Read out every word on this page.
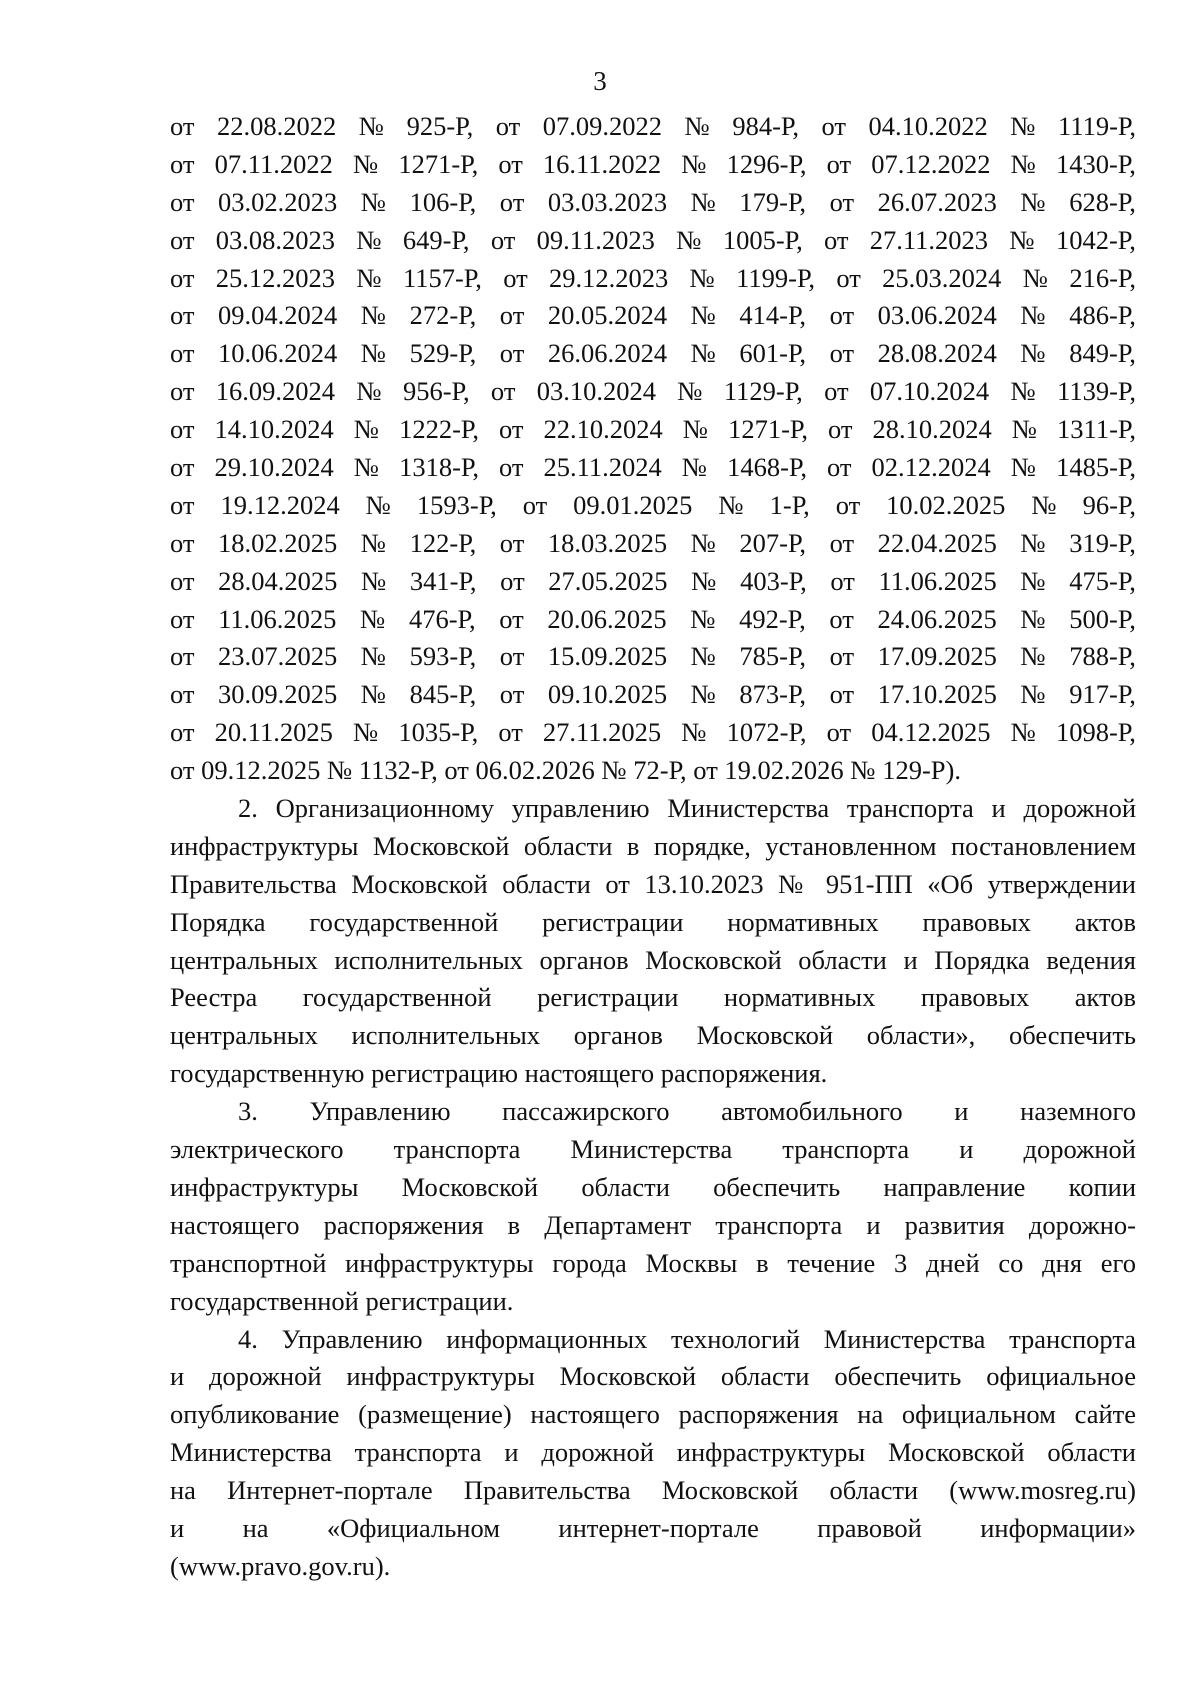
3
от 22.08.2022 № 925-Р, от 07.09.2022 № 984-Р, от 04.10.2022 № 1119-Р,
от 07.11.2022 № 1271-Р, от 16.11.2022 № 1296-Р, от 07.12.2022 № 1430-Р,
от 03.02.2023 № 106-Р, от 03.03.2023 № 179-Р, от 26.07.2023 № 628-Р,
от 03.08.2023 № 649-Р, от 09.11.2023 № 1005-Р, от 27.11.2023 № 1042-Р,
от 25.12.2023 № 1157-Р, от 29.12.2023 № 1199-Р, от 25.03.2024 № 216-Р,
от 09.04.2024 № 272-Р, от 20.05.2024 № 414-Р, от 03.06.2024 № 486-Р,
от 10.06.2024 № 529-Р, от 26.06.2024 № 601-Р, от 28.08.2024 № 849-Р,
от 16.09.2024 № 956-Р, от 03.10.2024 № 1129-Р, от 07.10.2024 № 1139-Р,
от 14.10.2024 № 1222-Р, от 22.10.2024 № 1271-Р, от 28.10.2024 № 1311-Р,
от 29.10.2024 № 1318-Р, от 25.11.2024 № 1468-Р, от 02.12.2024 № 1485-Р,
от 19.12.2024 № 1593-Р, от 09.01.2025 № 1-Р, от 10.02.2025 № 96-Р,
от 18.02.2025 № 122-Р, от 18.03.2025 № 207-Р, от 22.04.2025 № 319-Р,
от 28.04.2025 № 341-Р, от 27.05.2025 № 403-Р, от 11.06.2025 № 475-Р,
от 11.06.2025 № 476-Р, от 20.06.2025 № 492-Р, от 24.06.2025 № 500-Р,
от 23.07.2025 № 593-Р, от 15.09.2025 № 785-Р, от 17.09.2025 № 788-Р,
от 30.09.2025 № 845-Р, от 09.10.2025 № 873-Р, от 17.10.2025 № 917-Р,
от 20.11.2025 № 1035-Р, от 27.11.2025 № 1072-Р, от 04.12.2025 № 1098-Р,
от 09.12.2025 № 1132-Р, от 06.02.2026 № 72-Р, от 19.02.2026 № 129-Р).
2. Организационному управлению Министерства транспорта и дорожной
инфраструктуры Московской области в порядке, установленном постановлением
Правительства Московской области от 13.10.2023 № 951-ПП «Об утверждении
Порядка государственной регистрации нормативных правовых актов
центральных исполнительных органов Московской области и Порядка ведения
Реестра государственной регистрации нормативных правовых актов
центральных исполнительных органов Московской области», обеспечить
государственную регистрацию настоящего распоряжения.
3. Управлению пассажирского автомобильного и наземного
электрического транспорта Министерства транспорта и дорожной
инфраструктуры Московской области обеспечить направление копии
настоящего распоряжения в Департамент транспорта и развития дорожно-
транспортной инфраструктуры города Москвы в течение 3 дней со дня его
государственной регистрации.
4. Управлению информационных технологий Министерства транспорта
и дорожной инфраструктуры Московской области обеспечить официальное
опубликование (размещение) настоящего распоряжения на официальном сайте
Министерства транспорта и дорожной инфраструктуры Московской области
на Интернет-портале Правительства Московской области (www.mosreg.ru)
и на «Официальном интернет-портале правовой информации»
(www.pravo.gov.ru).
